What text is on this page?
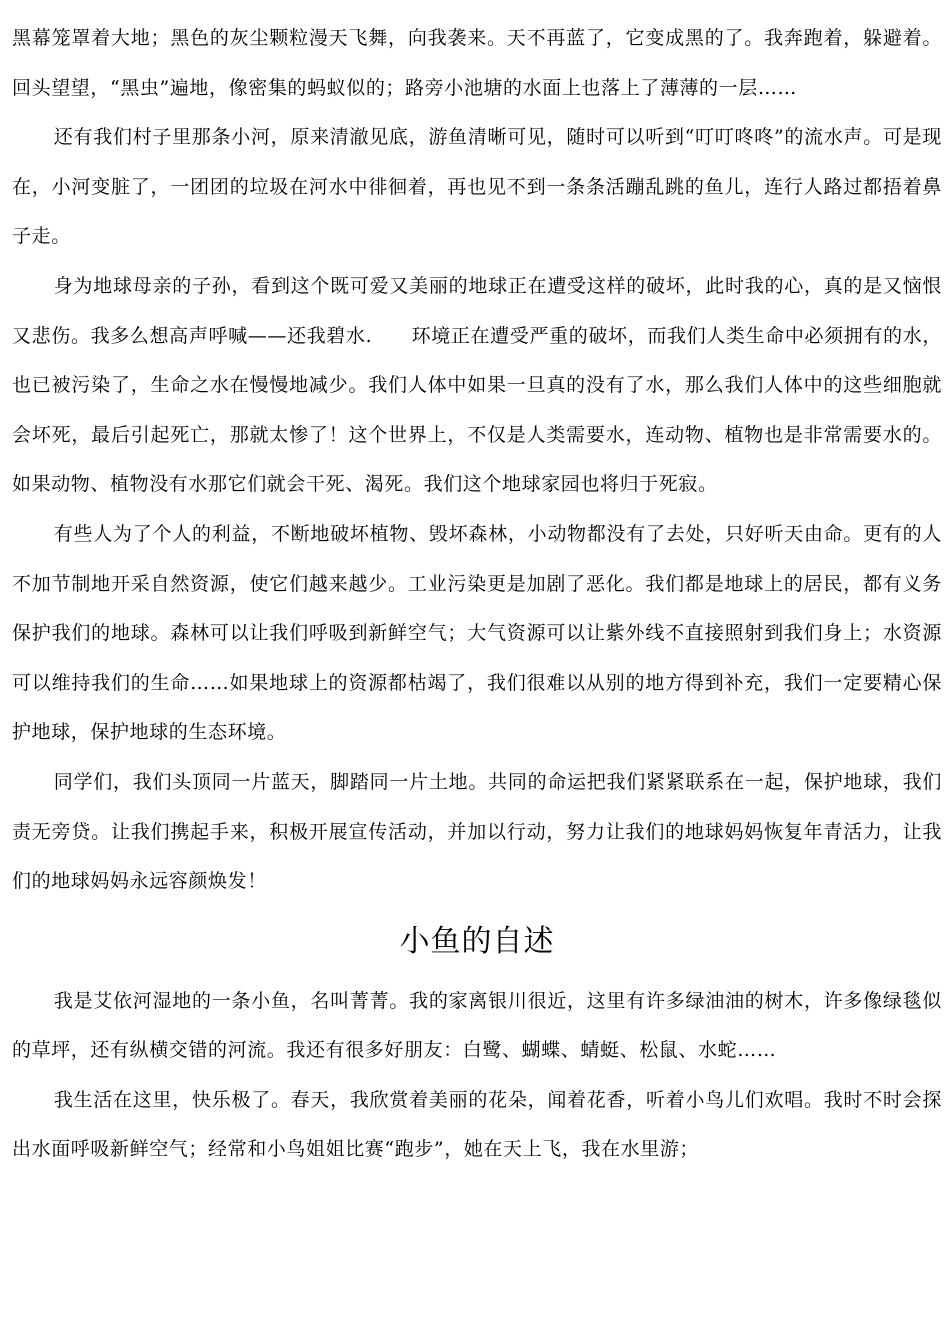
黑幕笼罩着大地；黑色的灰尘颗粒漫天飞舞，向我袭来。天不再蓝了，它变成黑的了。我奔跑着，躲避着。回头望望，“黑虫”遍地，像密集的蚂蚁似的；路旁小池塘的水面上也落上了薄薄的一层……

还有我们村子里那条小河，原来清澈见底，游鱼清晰可见，随时可以听到“叮叮咚咚”的流水声。可是现在，小河变脏了，一团团的垃圾在河水中徘徊着，再也见不到一条条活蹦乱跳的鱼儿，连行人路过都捂着鼻子走。

身为地球母亲的子孙，看到这个既可爱又美丽的地球正在遭受这样的破坏，此时我的心，真的是又恼恨又悲伤。我多么想高声呼喊——还我碧水.　　环境正在遭受严重的破坏，而我们人类生命中必须拥有的水，也已被污染了，生命之水在慢慢地减少。我们人体中如果一旦真的没有了水，那么我们人体中的这些细胞就会坏死，最后引起死亡，那就太惨了！这个世界上，不仅是人类需要水，连动物、植物也是非常需要水的。如果动物、植物没有水那它们就会干死、渴死。我们这个地球家园也将归于死寂。

有些人为了个人的利益，不断地破坏植物、毁坏森林，小动物都没有了去处，只好听天由命。更有的人不加节制地开采自然资源，使它们越来越少。工业污染更是加剧了恶化。我们都是地球上的居民，都有义务保护我们的地球。森林可以让我们呼吸到新鲜空气；大气资源可以让紫外线不直接照射到我们身上；水资源可以维持我们的生命……如果地球上的资源都枯竭了，我们很难以从别的地方得到补充，我们一定要精心保护地球，保护地球的生态环境。

同学们，我们头顶同一片蓝天，脚踏同一片土地。共同的命运把我们紧紧联系在一起，保护地球，我们责无旁贷。让我们携起手来，积极开展宣传活动，并加以行动，努力让我们的地球妈妈恢复年青活力，让我们的地球妈妈永远容颜焕发！

小鱼的自述

我是艾依河湿地的一条小鱼，名叫菁菁。我的家离银川很近，这里有许多绿油油的树木，许多像绿毯似的草坪，还有纵横交错的河流。我还有很多好朋友：白鹭、蝴蝶、蜻蜓、松鼠、水蛇……

我生活在这里，快乐极了。春天，我欣赏着美丽的花朵，闻着花香，听着小鸟儿们欢唱。我时不时会探出水面呼吸新鲜空气；经常和小鸟姐姐比赛“跑步”，她在天上飞，我在水里游；
